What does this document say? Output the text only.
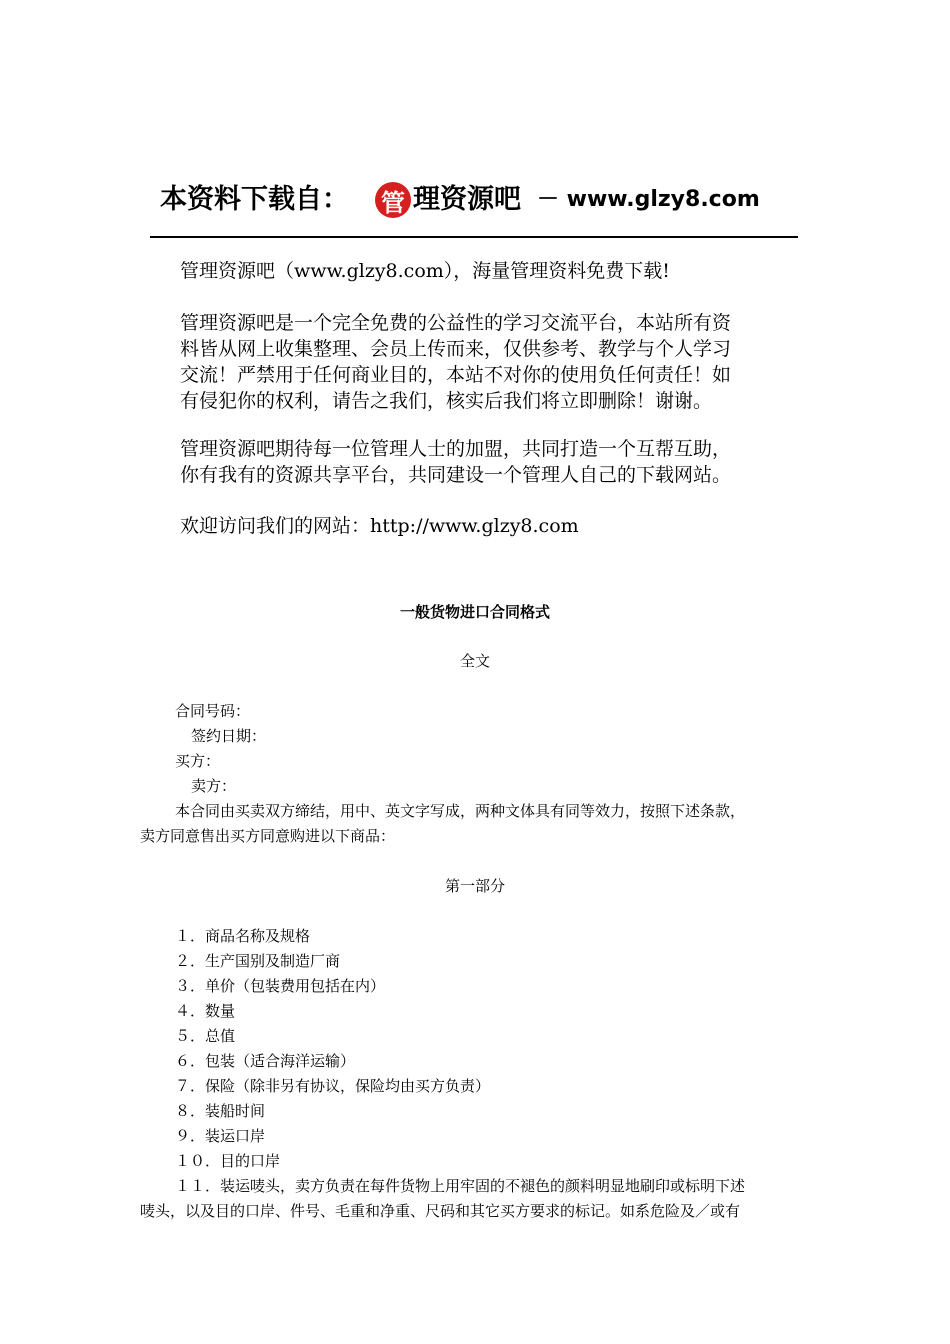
本资料下载自： 管 理资源吧 － www.glzy8.com
管理资源吧（www.glzy8.com），海量管理资料免费下载!
管理资源吧是一个完全免费的公益性的学习交流平台，本站所有资
料皆从网上收集整理、会员上传而来，仅供参考、教学与个人学习
交流！严禁用于任何商业目的，本站不对你的使用负任何责任！如
有侵犯你的权利，请告之我们，核实后我们将立即删除！谢谢。
管理资源吧期待每一位管理人士的加盟，共同打造一个互帮互助，
你有我有的资源共享平台，共同建设一个管理人自己的下载网站。
欢迎访问我们的网站：http://www.glzy8.com
一般货物进口合同格式
全文
合同号码：
签约日期：
买方：
卖方：
本合同由买卖双方缔结，用中、英文字写成，两种文体具有同等效力，按照下述条款，
卖方同意售出买方同意购进以下商品：
第一部分
１．商品名称及规格
２．生产国别及制造厂商
３．单价（包装费用包括在内）
４．数量
５．总值
６．包装（适合海洋运输）
７．保险（除非另有协议，保险均由买方负责）
８．装船时间
９．装运口岸
１０．目的口岸
１１．装运唛头，卖方负责在每件货物上用牢固的不褪色的颜料明显地刷印或标明下述
唛头，以及目的口岸、件号、毛重和净重、尺码和其它买方要求的标记。如系危险及／或有
